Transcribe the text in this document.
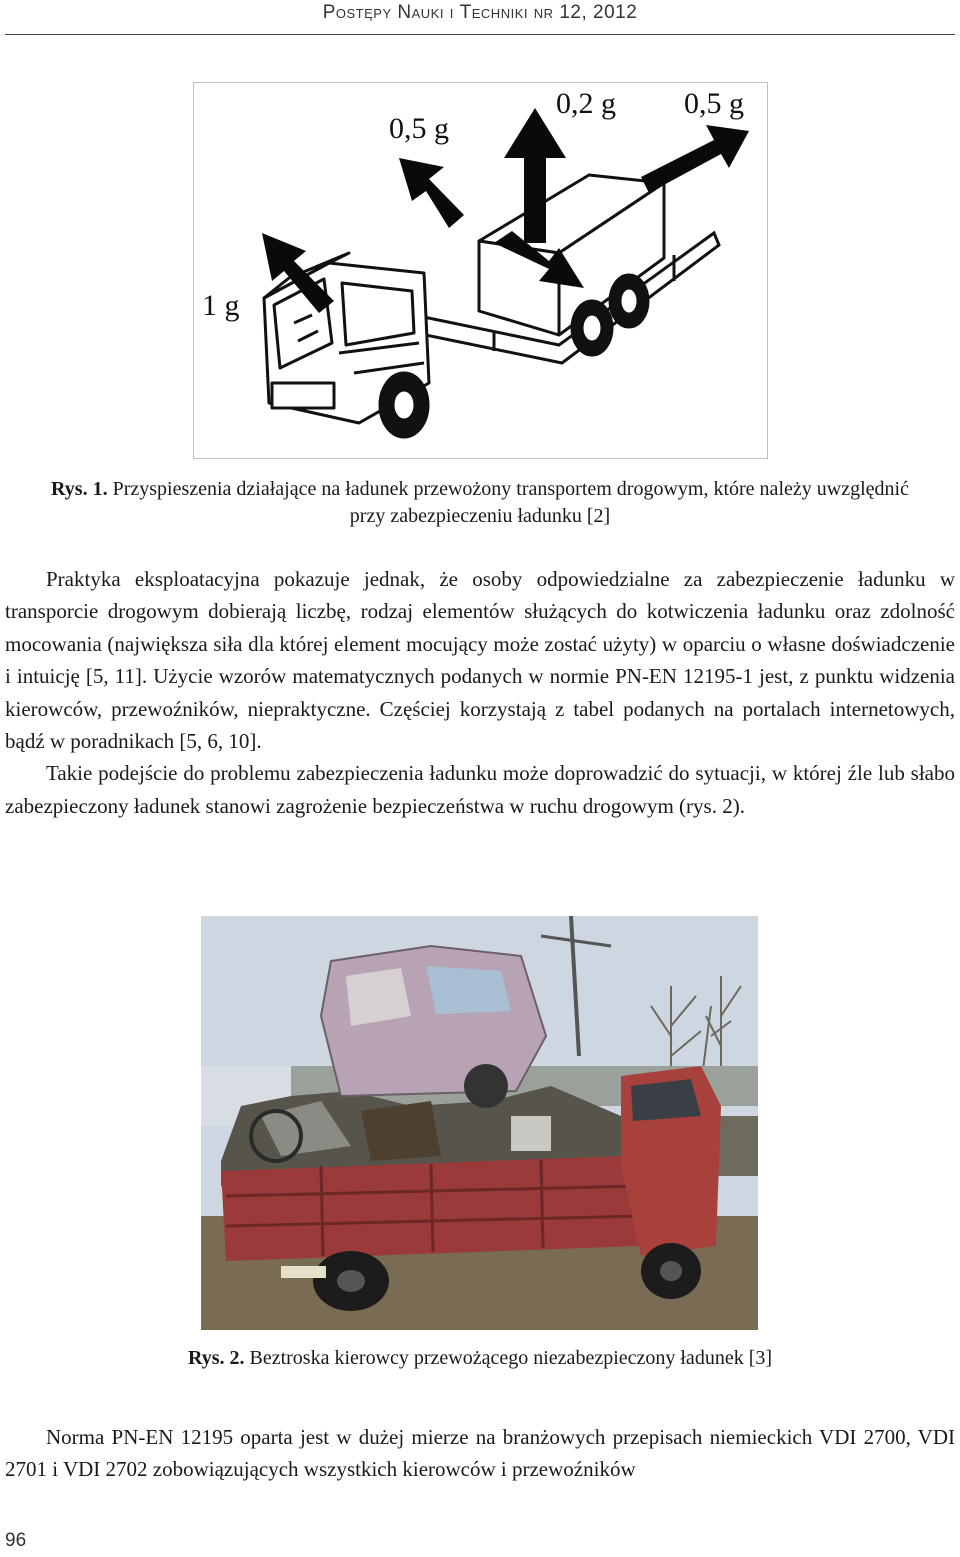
Postępy Nauki i Techniki nr 12, 2012
1 g
0,5 g
0,2 g 0,5 g
Rys. 1. Przyspieszenia działające na ładunek przewożony transportem drogowym, które należy uwzględnić przy zabezpieczeniu ładunku [2]

Praktyka eksploatacyjna pokazuje jednak, że osoby odpowiedzialne za zabezpieczenie ładunku w transporcie drogowym dobierają liczbę, rodzaj elementów służących do kotwiczenia ładunku oraz zdolność mocowania (największa siła dla której element mocujący może zostać użyty) w oparciu o własne doświadczenie i intuicję [5, 11]. Użycie wzorów matematycznych podanych w normie PN-EN 12195-1 jest, z punktu widzenia kierowców, przewoźników, niepraktyczne. Częściej korzystają z tabel podanych na portalach internetowych, bądź w poradnikach [5, 6, 10].

Takie podejście do problemu zabezpieczenia ładunku może doprowadzić do sytuacji, w której źle lub słabo zabezpieczony ładunek stanowi zagrożenie bezpieczeństwa w ruchu drogowym (rys. 2).

Rys. 2. Beztroska kierowcy przewożącego niezabezpieczony ładunek [3]

Norma PN-EN 12195 oparta jest w dużej mierze na branżowych przepisach niemieckich VDI 2700, VDI 2701 i VDI 2702 zobowiązujących wszystkich kierowców i przewoźników

96
